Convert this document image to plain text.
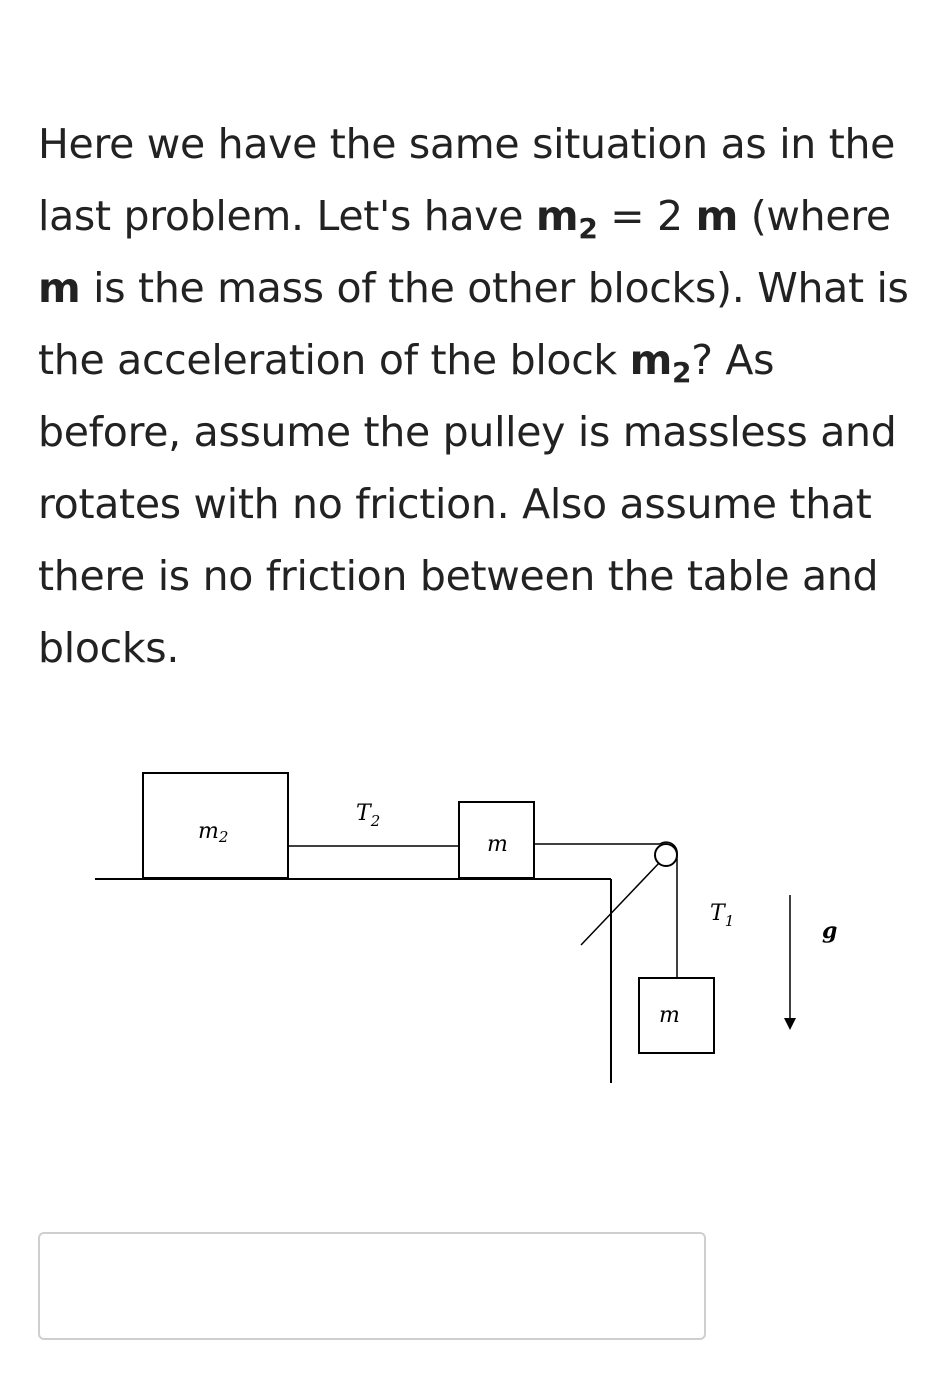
Here we have the same situation as in the last problem. Let's have $m_2 = 2$ m (where m is the mass of the other blocks). What is the acceleration of the block $m_2$? As before, assume the pulley is massless and rotates with no friction. Also assume that there is no friction between the table and blocks.

m2
$T_2$
m
$T_1$
m
g
